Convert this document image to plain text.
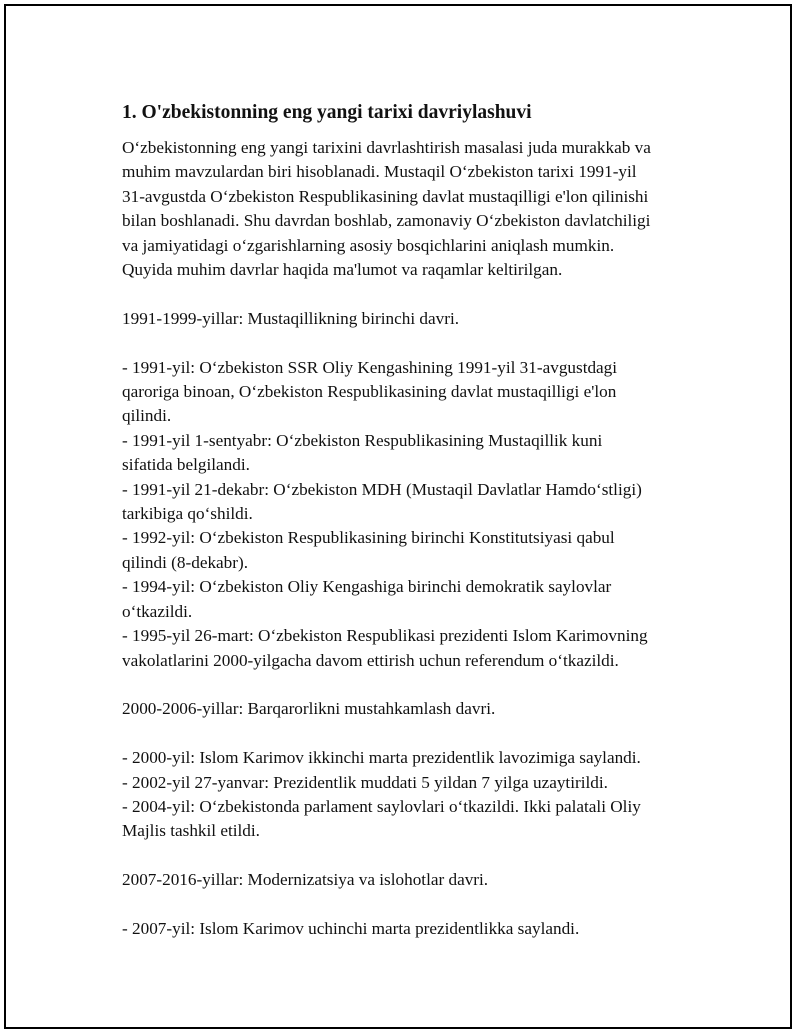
1. O'zbekistonning eng yangi tarixi davriylashuvi

O‘zbekistonning eng yangi tarixini davrlashtirish masalasi juda murakkab va
muhim mavzulardan biri hisoblanadi. Mustaqil O‘zbekiston tarixi 1991-yil
31-avgustda O‘zbekiston Respublikasining davlat mustaqilligi e'lon qilinishi
bilan boshlanadi. Shu davrdan boshlab, zamonaviy O‘zbekiston davlatchiligi
va jamiyatidagi o‘zgarishlarning asosiy bosqichlarini aniqlash mumkin.
Quyida muhim davrlar haqida ma'lumot va raqamlar keltirilgan.

1991-1999-yillar: Mustaqillikning birinchi davri.

- 1991-yil: O‘zbekiston SSR Oliy Kengashining 1991-yil 31-avgustdagi
qaroriga binoan, O‘zbekiston Respublikasining davlat mustaqilligi e'lon
qilindi.
- 1991-yil 1-sentyabr: O‘zbekiston Respublikasining Mustaqillik kuni
sifatida belgilandi.
- 1991-yil 21-dekabr: O‘zbekiston MDH (Mustaqil Davlatlar Hamdo‘stligi)
tarkibiga qo‘shildi.
- 1992-yil: O‘zbekiston Respublikasining birinchi Konstitutsiyasi qabul
qilindi (8-dekabr).
- 1994-yil: O‘zbekiston Oliy Kengashiga birinchi demokratik saylovlar
o‘tkazildi.
- 1995-yil 26-mart: O‘zbekiston Respublikasi prezidenti Islom Karimovning
vakolatlarini 2000-yilgacha davom ettirish uchun referendum o‘tkazildi.

2000-2006-yillar: Barqarorlikni mustahkamlash davri.

- 2000-yil: Islom Karimov ikkinchi marta prezidentlik lavozimiga saylandi.
- 2002-yil 27-yanvar: Prezidentlik muddati 5 yildan 7 yilga uzaytirildi.
- 2004-yil: O‘zbekistonda parlament saylovlari o‘tkazildi. Ikki palatali Oliy
Majlis tashkil etildi.

2007-2016-yillar: Modernizatsiya va islohotlar davri.

- 2007-yil: Islom Karimov uchinchi marta prezidentlikka saylandi.
